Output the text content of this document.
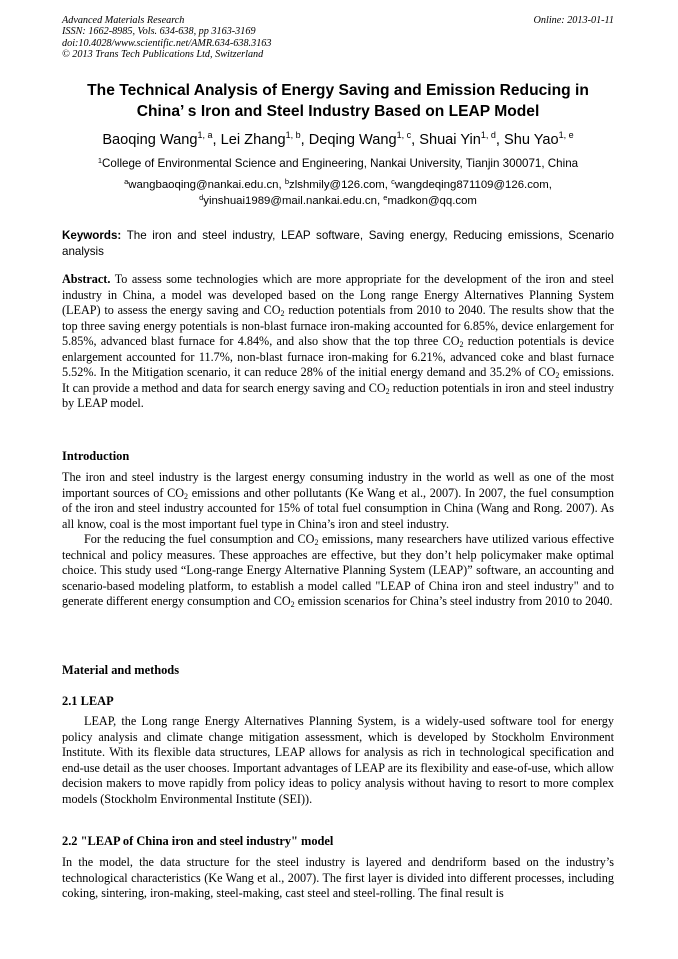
Advanced Materials Research	Online: 2013-01-11
ISSN: 1662-8985, Vols. 634-638, pp 3163-3169
doi:10.4028/www.scientific.net/AMR.634-638.3163
© 2013 Trans Tech Publications Ltd, Switzerland
The Technical Analysis of Energy Saving and Emission Reducing in
China’ s Iron and Steel Industry Based on LEAP Model
Baoqing Wang$^{1, a}$, Lei Zhang$^{1, b}$, Deqing Wang$^{1, c}$, Shuai Yin$^{1, d}$, Shu Yao$^{1, e}$
$^1$College of Environmental Science and Engineering, Nankai University, Tianjin 300071, China
$^a$wangbaoqing@nankai.edu.cn, $^b$zlshmily@126.com, $^c$wangdeqing871109@126.com,
$^d$yinshuai1989@mail.nankai.edu.cn, $^e$madkon@qq.com
Keywords: The iron and steel industry, LEAP software, Saving energy, Reducing emissions, Scenario analysis
Abstract. To assess some technologies which are more appropriate for the development of the iron and steel industry in China, a model was developed based on the Long range Energy Alternatives Planning System (LEAP) to assess the energy saving and $CO_2$ reduction potentials from 2010 to 2040. The results show that the top three saving energy potentials is non-blast furnace iron-making accounted for 6.85%, device enlargement for 5.85%, advanced blast furnace for 4.84%, and also show that the top three $CO_2$ reduction potentials is device enlargement accounted for 11.7%, non-blast furnace iron-making for 6.21%, advanced coke and blast furnace 5.52%. In the Mitigation scenario, it can reduce 28% of the initial energy demand and 35.2% of $CO_2$ emissions. It can provide a method and data for search energy saving and $CO_2$ reduction potentials in iron and steel industry by LEAP model.
Introduction
The iron and steel industry is the largest energy consuming industry in the world as well as one of the most important sources of $CO_2$ emissions and other pollutants (Ke Wang et al., 2007). In 2007, the fuel consumption of the iron and steel industry accounted for 15% of total fuel consumption in China (Wang and Rong. 2007). As all know, coal is the most important fuel type in China’s iron and steel industry.
For the reducing the fuel consumption and $CO_2$ emissions, many researchers have utilized various effective technical and policy measures. These approaches are effective, but they don’t help policymaker make optimal choice. This study used “Long-range Energy Alternative Planning System (LEAP)” software, an accounting and scenario-based modeling platform, to establish a model called "LEAP of China iron and steel industry" and to generate different energy consumption and $CO_2$ emission scenarios for China’s steel industry from 2010 to 2040.
Material and methods
2.1 LEAP
LEAP, the Long range Energy Alternatives Planning System, is a widely-used software tool for energy policy analysis and climate change mitigation assessment, which is developed by Stockholm Environment Institute. With its flexible data structures, LEAP allows for analysis as rich in technological specification and end-use detail as the user chooses. Important advantages of LEAP are its flexibility and ease-of-use, which allow decision makers to move rapidly from policy ideas to policy analysis without having to resort to more complex models (Stockholm Environmental Institute (SEI)).
2.2 "LEAP of China iron and steel industry" model
In the model, the data structure for the steel industry is layered and dendriform based on the industry’s technological characteristics (Ke Wang et al., 2007). The first layer is divided into different processes, including coking, sintering, iron-making, steel-making, cast steel and steel-rolling. The final result is
